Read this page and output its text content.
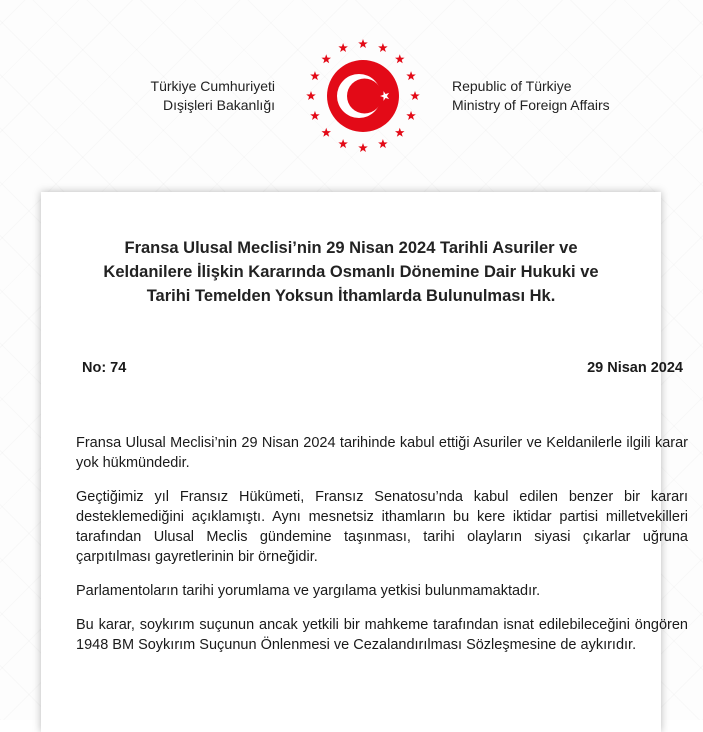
Türkiye Cumhuriyeti
Dışişleri Bakanlığı
Republic of Türkiye
Ministry of Foreign Affairs
Fransa Ulusal Meclisi’nin 29 Nisan 2024 Tarihli Asuriler ve
Keldanilere İlişkin Kararında Osmanlı Dönemine Dair Hukuki ve
Tarihi Temelden Yoksun İthamlarda Bulunulması Hk.
No: 74	29 Nisan 2024

Fransa Ulusal Meclisi’nin 29 Nisan 2024 tarihinde kabul ettiği Asuriler ve Keldanilerle ilgili karar yok hükmündedir.

Geçtiğimiz yıl Fransız Hükümeti, Fransız Senatosu’nda kabul edilen benzer bir kararı desteklemediğini açıklamıştı. Aynı mesnetsiz ithamların bu kere iktidar partisi milletvekilleri tarafından Ulusal Meclis gündemine taşınması, tarihi olayların siyasi çıkarlar uğruna çarpıtılması gayretlerinin bir örneğidir.

Parlamentoların tarihi yorumlama ve yargılama yetkisi bulunmamaktadır.

Bu karar, soykırım suçunun ancak yetkili bir mahkeme tarafından isnat edilebileceğini öngören 1948 BM Soykırım Suçunun Önlenmesi ve Cezalandırılması Sözleşmesine de aykırıdır.
